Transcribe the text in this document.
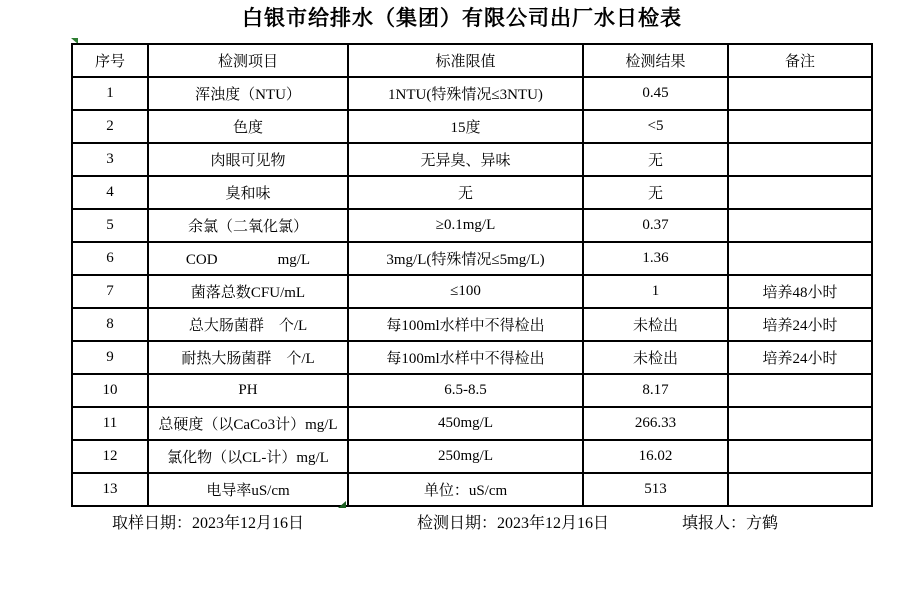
白银市给排水（集团）有限公司出厂水日检表
序号	检测项目	标准限值	检测结果	备注
1	浑浊度（NTU）	1NTU(特殊情况≤3NTU)	0.45	
2	色度	15度	<5	
3	肉眼可见物	无异臭、异味	无	
4	臭和味	无	无	
5	余氯（二氧化氯）	≥0.1mg/L	0.37	
6	COD　　　　mg/L	3mg/L(特殊情况≤5mg/L)	1.36	
7	菌落总数CFU/mL	≤100	1	培养48小时
8	总大肠菌群　个/L	每100ml水样中不得检出	未检出	培养24小时
9	耐热大肠菌群　个/L	每100ml水样中不得检出	未检出	培养24小时
10	PH	6.5-8.5	8.17	
11	总硬度（以CaCo3计）mg/L	450mg/L	266.33	
12	氯化物（以CL-计）mg/L	250mg/L	16.02	
13	电导率uS/cm	单位：uS/cm	513	
取样日期：2023年12月16日	检测日期：2023年12月16日	填报人：方鹤
